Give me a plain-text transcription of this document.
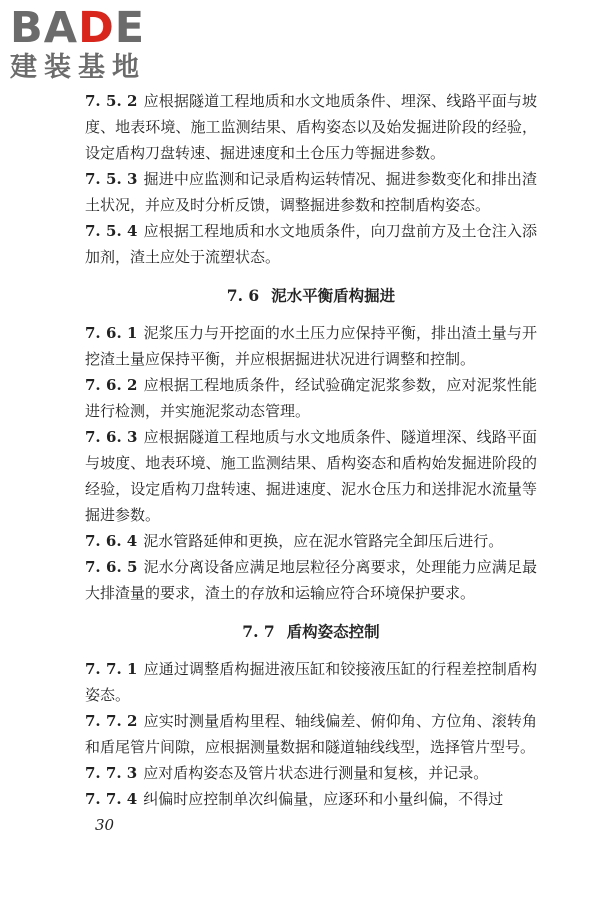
BADE
建装基地

7. 5. 2 应根据隧道工程地质和水文地质条件、埋深、线路平面与坡度、地表环境、施工监测结果、盾构姿态以及始发掘进阶段的经验，设定盾构刀盘转速、掘进速度和土仓压力等掘进参数。

7. 5. 3 掘进中应监测和记录盾构运转情况、掘进参数变化和排出渣土状况，并应及时分析反馈，调整掘进参数和控制盾构姿态。

7. 5. 4 应根据工程地质和水文地质条件，向刀盘前方及土仓注入添加剂，渣土应处于流塑状态。

7. 6 泥水平衡盾构掘进

7. 6. 1 泥浆压力与开挖面的水土压力应保持平衡，排出渣土量与开挖渣土量应保持平衡，并应根据掘进状况进行调整和控制。

7. 6. 2 应根据工程地质条件，经试验确定泥浆参数，应对泥浆性能进行检测，并实施泥浆动态管理。

7. 6. 3 应根据隧道工程地质与水文地质条件、隧道埋深、线路平面与坡度、地表环境、施工监测结果、盾构姿态和盾构始发掘进阶段的经验，设定盾构刀盘转速、掘进速度、泥水仓压力和送排泥水流量等掘进参数。

7. 6. 4 泥水管路延伸和更换，应在泥水管路完全卸压后进行。

7. 6. 5 泥水分离设备应满足地层粒径分离要求，处理能力应满足最大排渣量的要求，渣土的存放和运输应符合环境保护要求。

7. 7 盾构姿态控制

7. 7. 1 应通过调整盾构掘进液压缸和铰接液压缸的行程差控制盾构姿态。

7. 7. 2 应实时测量盾构里程、轴线偏差、俯仰角、方位角、滚转角和盾尾管片间隙，应根据测量数据和隧道轴线线型，选择管片型号。

7. 7. 3 应对盾构姿态及管片状态进行测量和复核，并记录。

7. 7. 4 纠偏时应控制单次纠偏量，应逐环和小量纠偏，不得过

30
